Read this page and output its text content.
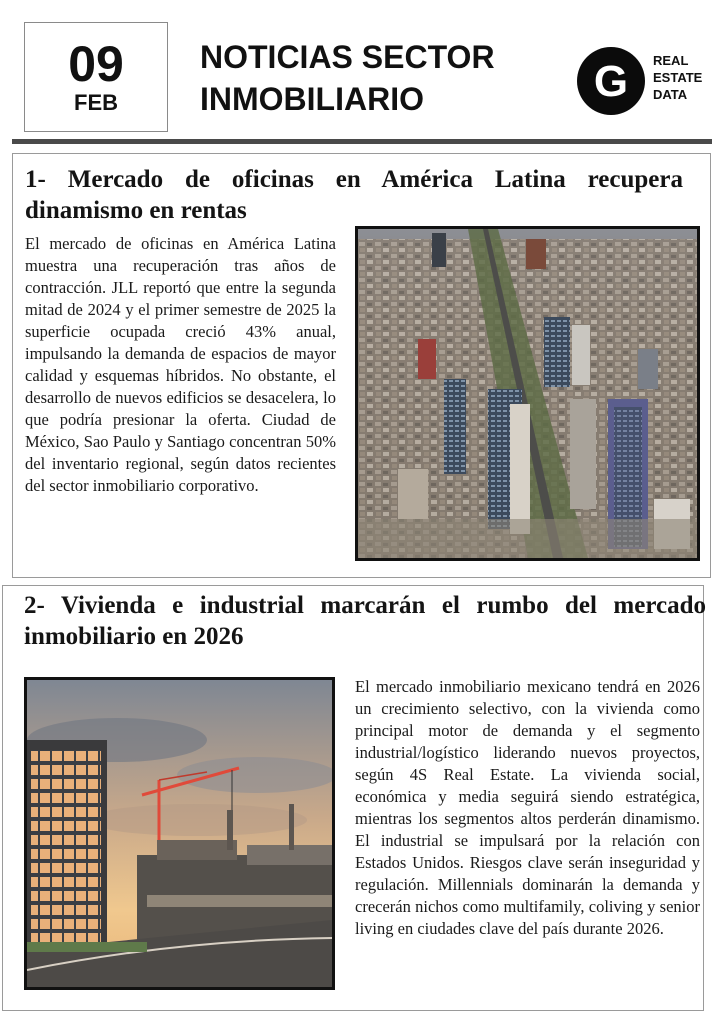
09
FEB
NOTICIAS SECTOR
INMOBILIARIO	G REAL
ESTATE
DATA
1- Mercado de oficinas en América Latina recupera dinamismo en rentas

El mercado de oficinas en América Latina muestra una recuperación tras años de contracción. JLL reportó que entre la segunda mitad de 2024 y el primer semestre de 2025 la superficie ocupada creció 43% anual, impulsando la demanda de espacios de mayor calidad y esquemas híbridos. No obstante, el desarrollo de nuevos edificios se desacelera, lo que podría presionar la oferta. Ciudad de México, Sao Paulo y Santiago concentran 50% del inventario regional, según datos recientes del sector inmobiliario corporativo.

2- Vivienda e industrial marcarán el rumbo del mercado inmobiliario en 2026

El mercado inmobiliario mexicano tendrá en 2026 un crecimiento selectivo, con la vivienda como principal motor de demanda y el segmento industrial/logístico liderando nuevos proyectos, según 4S Real Estate. La vivienda social, económica y media seguirá siendo estratégica, mientras los segmentos altos perderán dinamismo. El industrial se impulsará por la relación con Estados Unidos. Riesgos clave serán inseguridad y regulación. Millennials dominarán la demanda y crecerán nichos como multifamily, coliving y senior living en ciudades clave del país durante 2026.
